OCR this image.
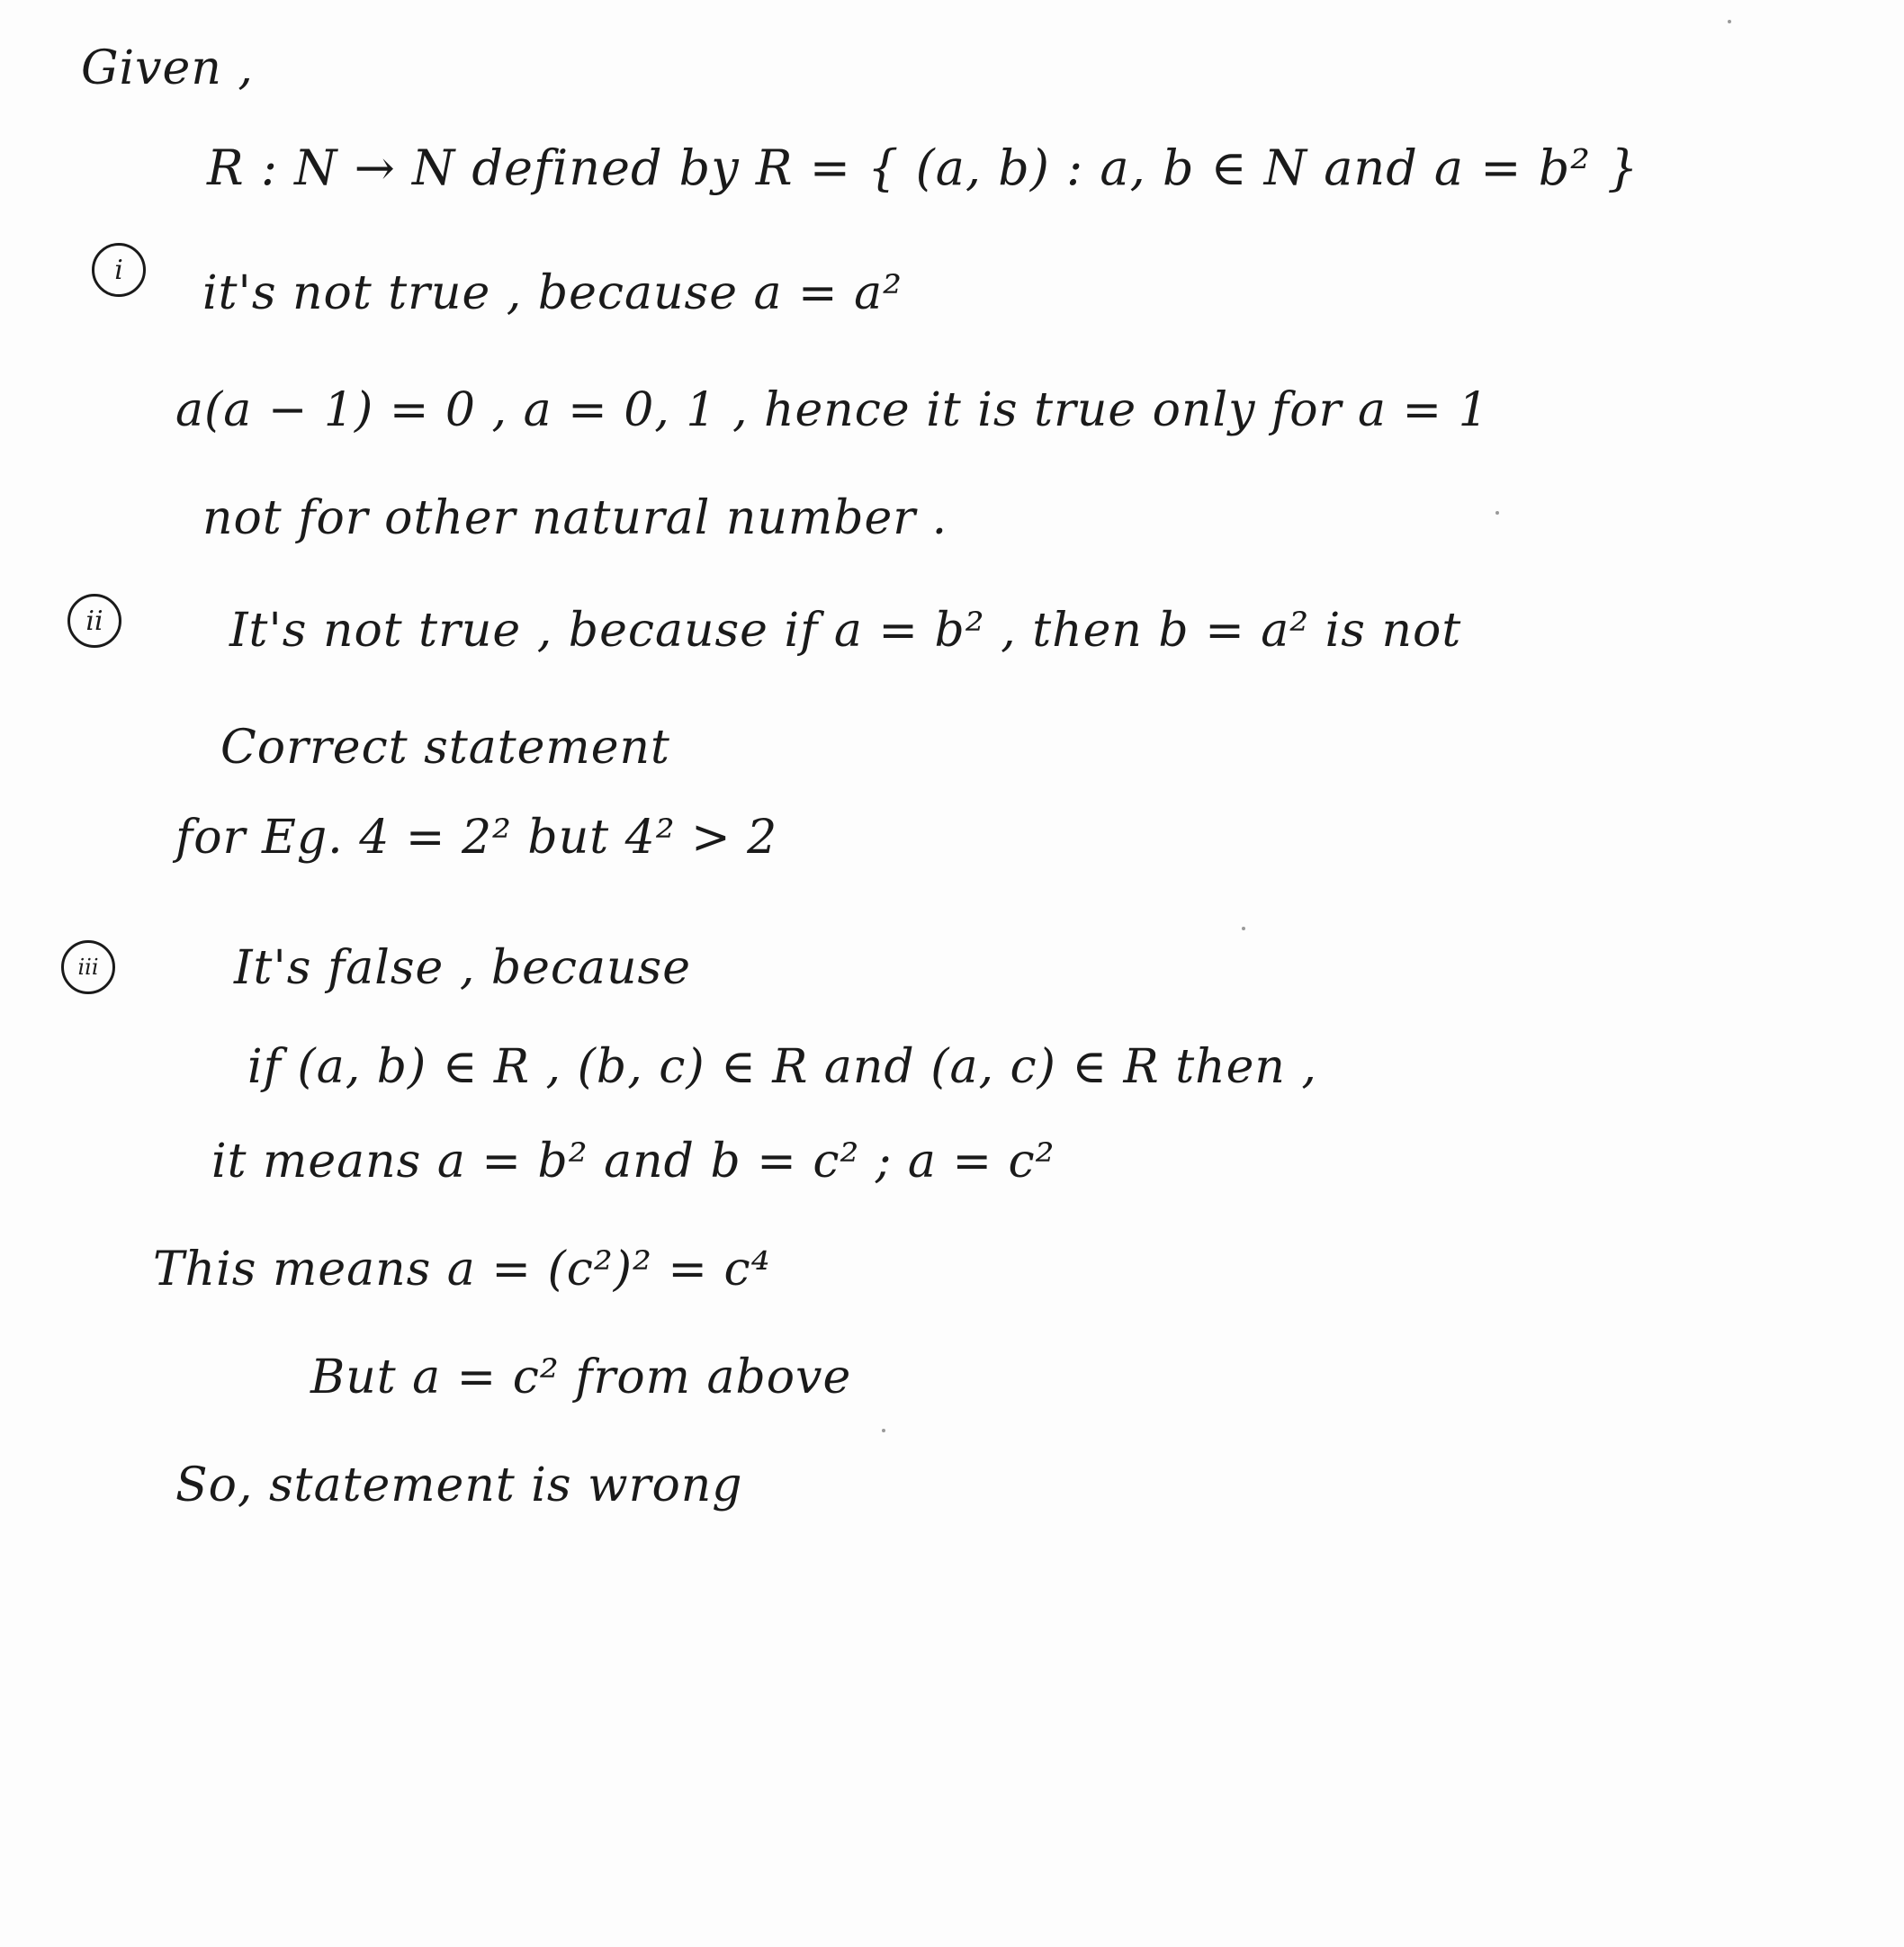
Given ,
R : N → N defined by R = { (a, b) : a, b ∈ N and a = b² }
i	it's not true , because a = a²
a(a − 1) = 0 , a = 0, 1 , hence it is true only for a = 1
not for other natural number .
ii	It's not true , because if a = b² , then b = a² is not
Correct statement
for Eg. 4 = 2² but 4² > 2
iii	It's false , because
if (a, b) ∈ R , (b, c) ∈ R and (a, c) ∈ R then ,
it means a = b² and b = c² ; a = c²
This means a = (c²)² = c⁴
But a = c² from above
So, statement is wrong
